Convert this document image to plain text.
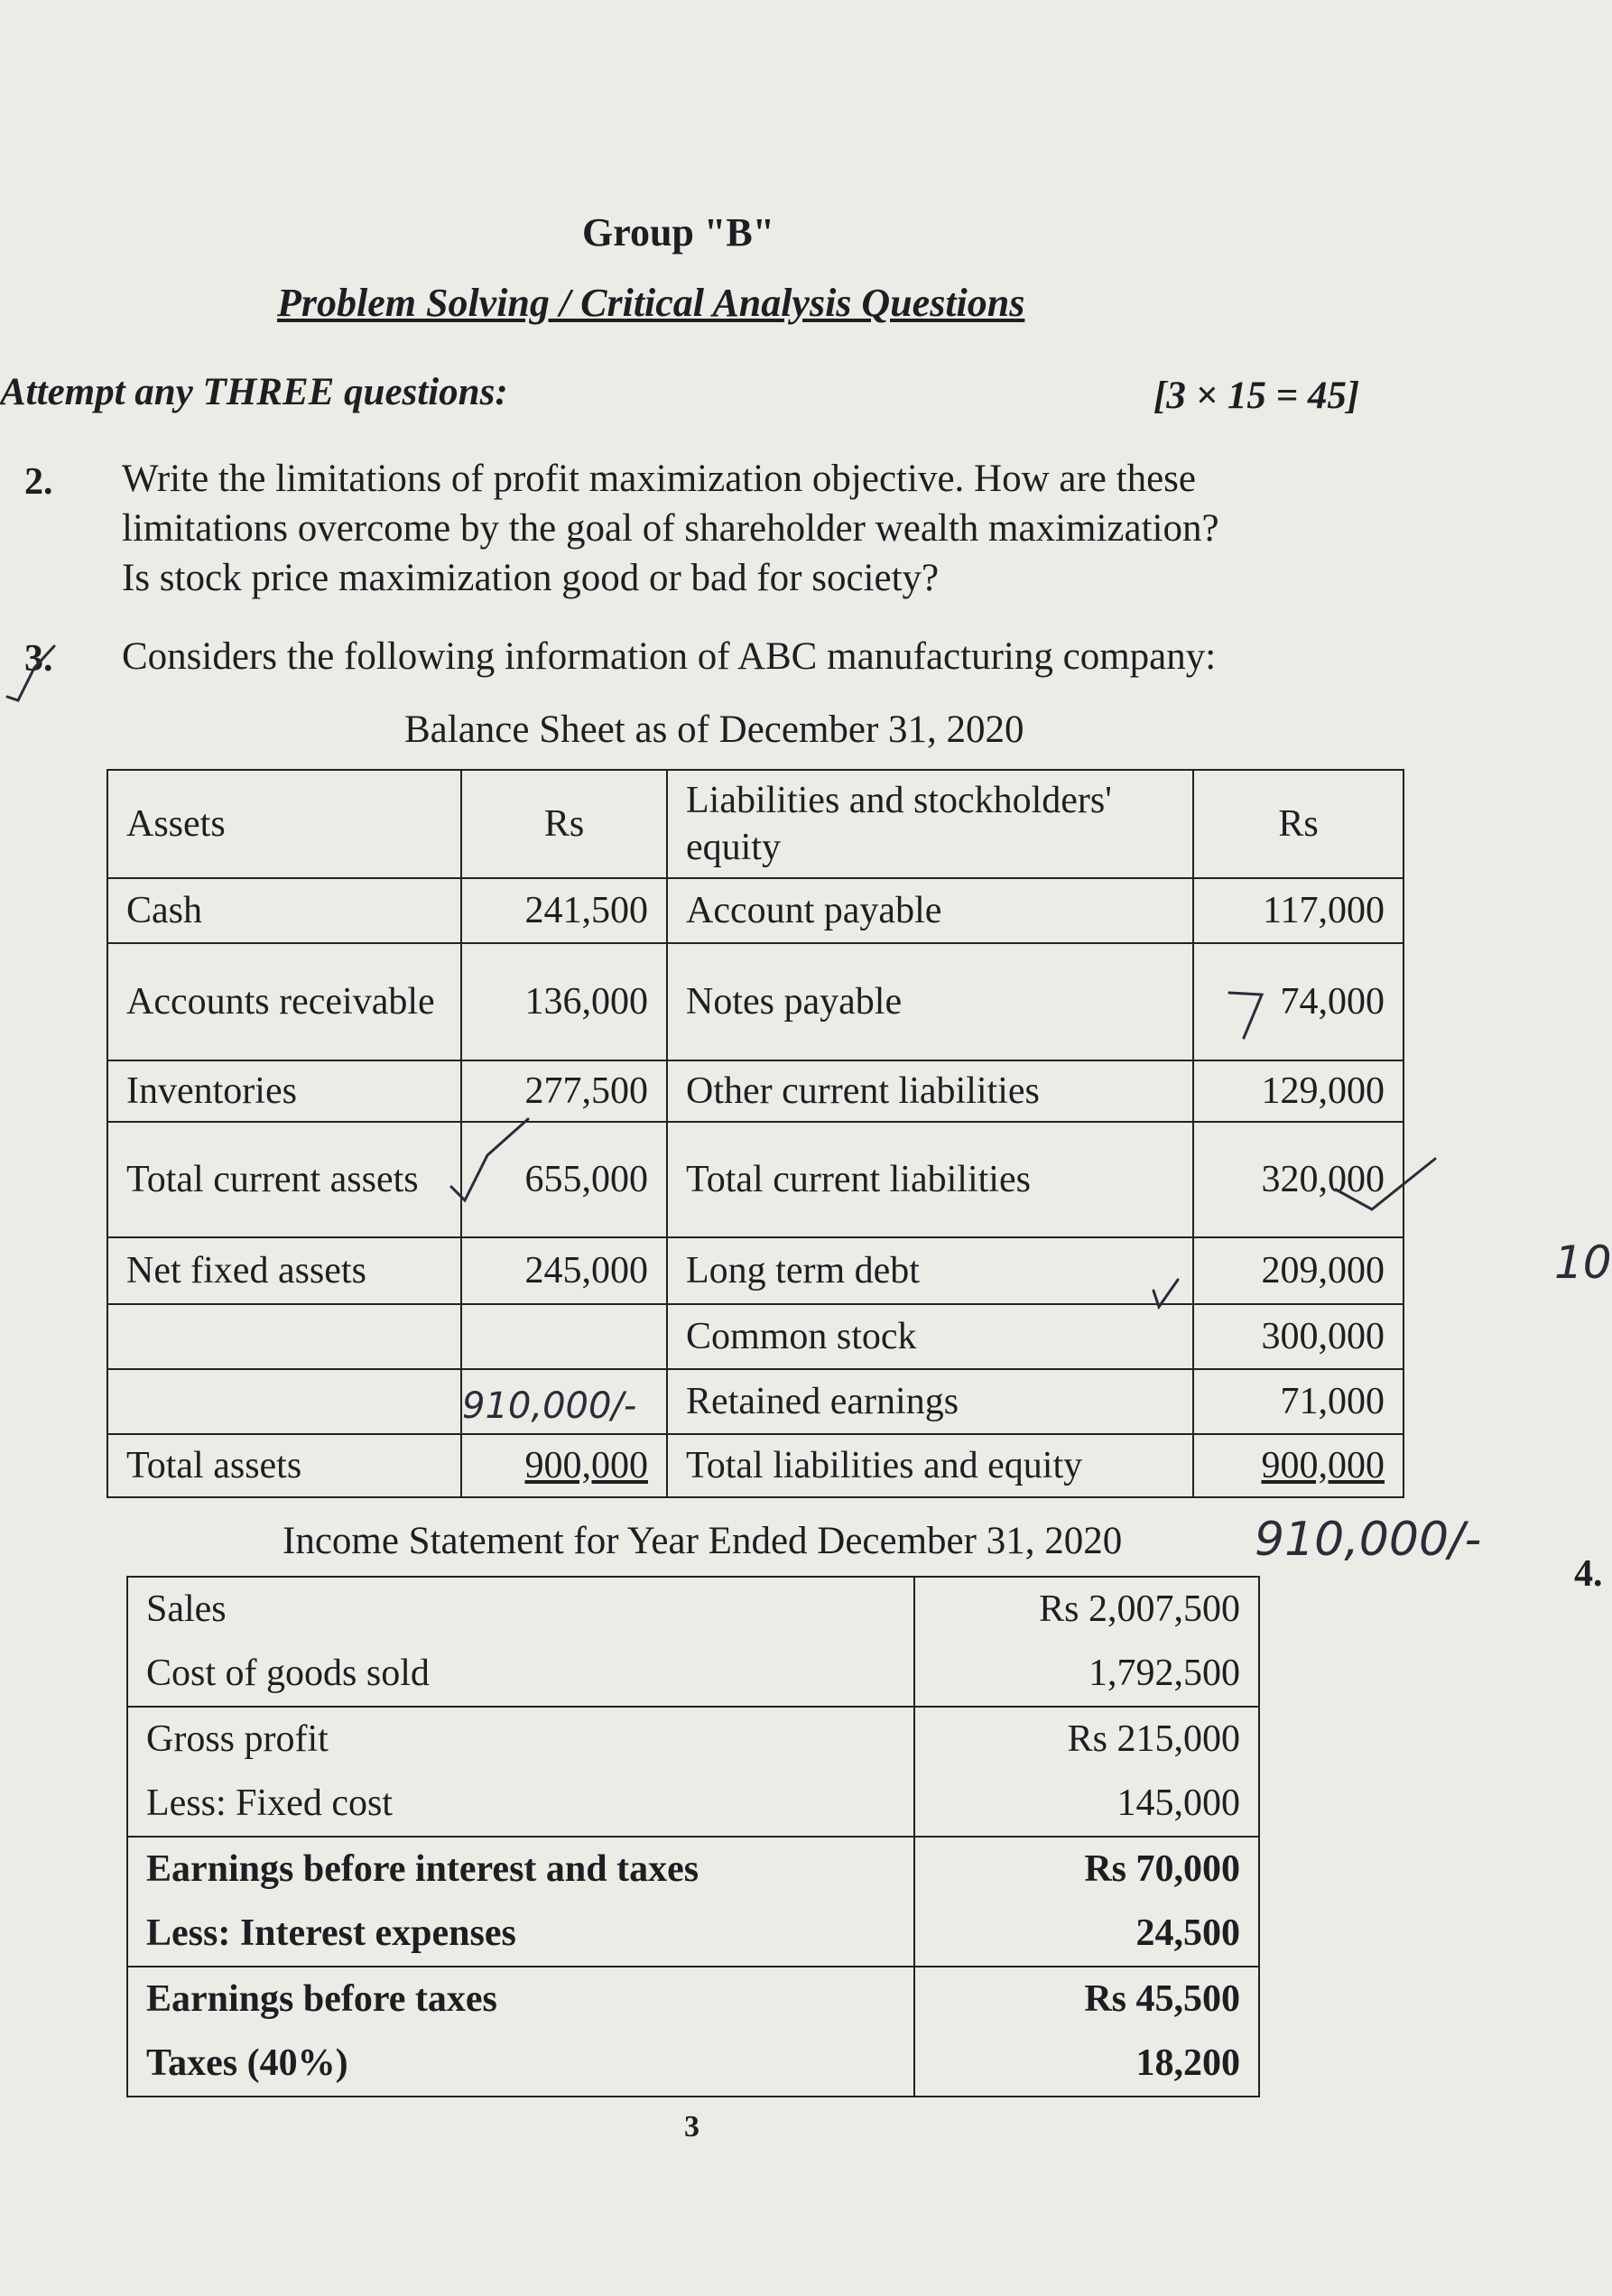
Group "B"
Problem Solving / Critical Analysis Questions
Attempt any THREE questions:	[3 × 15 = 45]
2. Write the limitations of profit maximization objective. How are these
limitations overcome by the goal of shareholder wealth maximization?
Is stock price maximization good or bad for society?
3. Considers the following information of ABC manufacturing company:
Balance Sheet as of December 31, 2020
Assets	Rs	Liabilities and stockholders' equity	Rs
Cash	241,500	Account payable	117,000
Accounts receivable	136,000	Notes payable	74,000
Inventories	277,500	Other current liabilities	129,000
Total current assets	655,000	Total current liabilities	320,000
Net fixed assets	245,000	Long term debt	209,000
		Common stock	300,000
		Retained earnings	71,000
Total assets	900,000	Total liabilities and equity	900,000
Income Statement for Year Ended December 31, 2020
Sales	Rs 2,007,500
Cost of goods sold	1,792,500
Gross profit	Rs 215,000
Less: Fixed cost	145,000
Earnings before interest and taxes	Rs 70,000
Less: Interest expenses	24,500
Earnings before taxes	Rs 45,500
Taxes (40%)	18,200
910,000/-
910,000/-
10
4.
3
